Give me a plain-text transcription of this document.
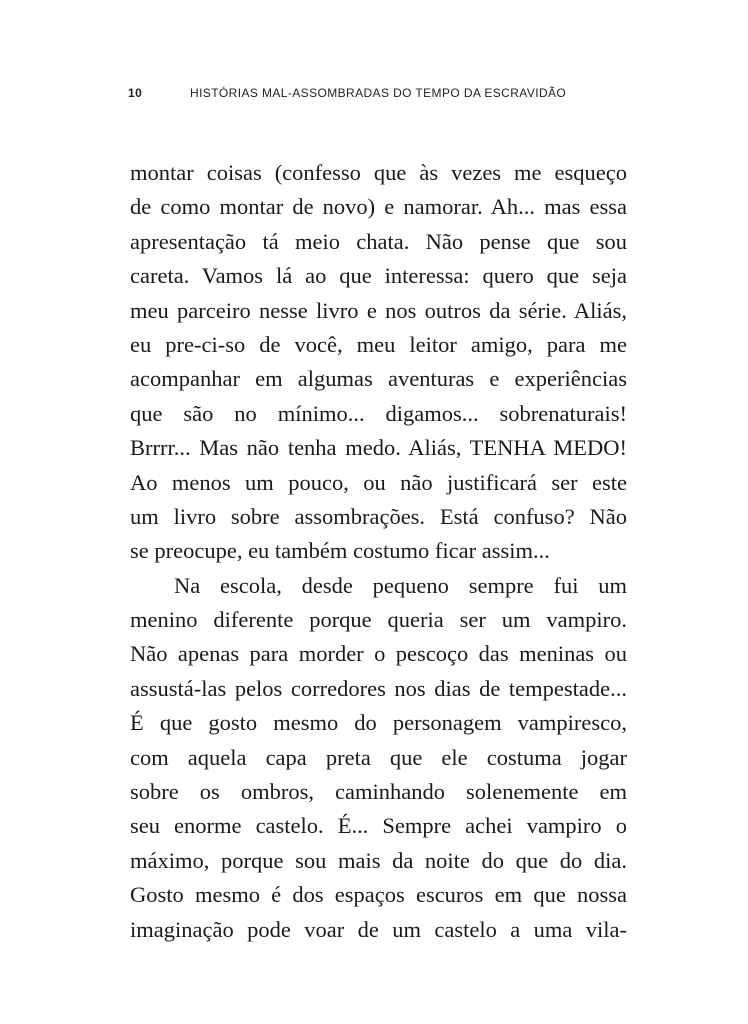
10	HISTÓRIAS MAL-ASSOMBRADAS DO TEMPO DA ESCRAVIDÃO
montar coisas (confesso que às vezes me esqueço
de como montar de novo) e namorar. Ah... mas essa
apresentação tá meio chata. Não pense que sou
careta. Vamos lá ao que interessa: quero que seja
meu parceiro nesse livro e nos outros da série. Aliás,
eu pre-ci-so de você, meu leitor amigo, para me
acompanhar em algumas aventuras e experiências
que são no mínimo... digamos... sobrenaturais!
Brrrr... Mas não tenha medo. Aliás, TENHA MEDO!
Ao menos um pouco, ou não justificará ser este
um livro sobre assombrações. Está confuso? Não
se preocupe, eu também costumo ficar assim...
Na escola, desde pequeno sempre fui um
menino diferente porque queria ser um vampiro.
Não apenas para morder o pescoço das meninas ou
assustá-las pelos corredores nos dias de tempestade...
É que gosto mesmo do personagem vampiresco,
com aquela capa preta que ele costuma jogar
sobre os ombros, caminhando solenemente em
seu enorme castelo. É... Sempre achei vampiro o
máximo, porque sou mais da noite do que do dia.
Gosto mesmo é dos espaços escuros em que nossa
imaginação pode voar de um castelo a uma vila-
